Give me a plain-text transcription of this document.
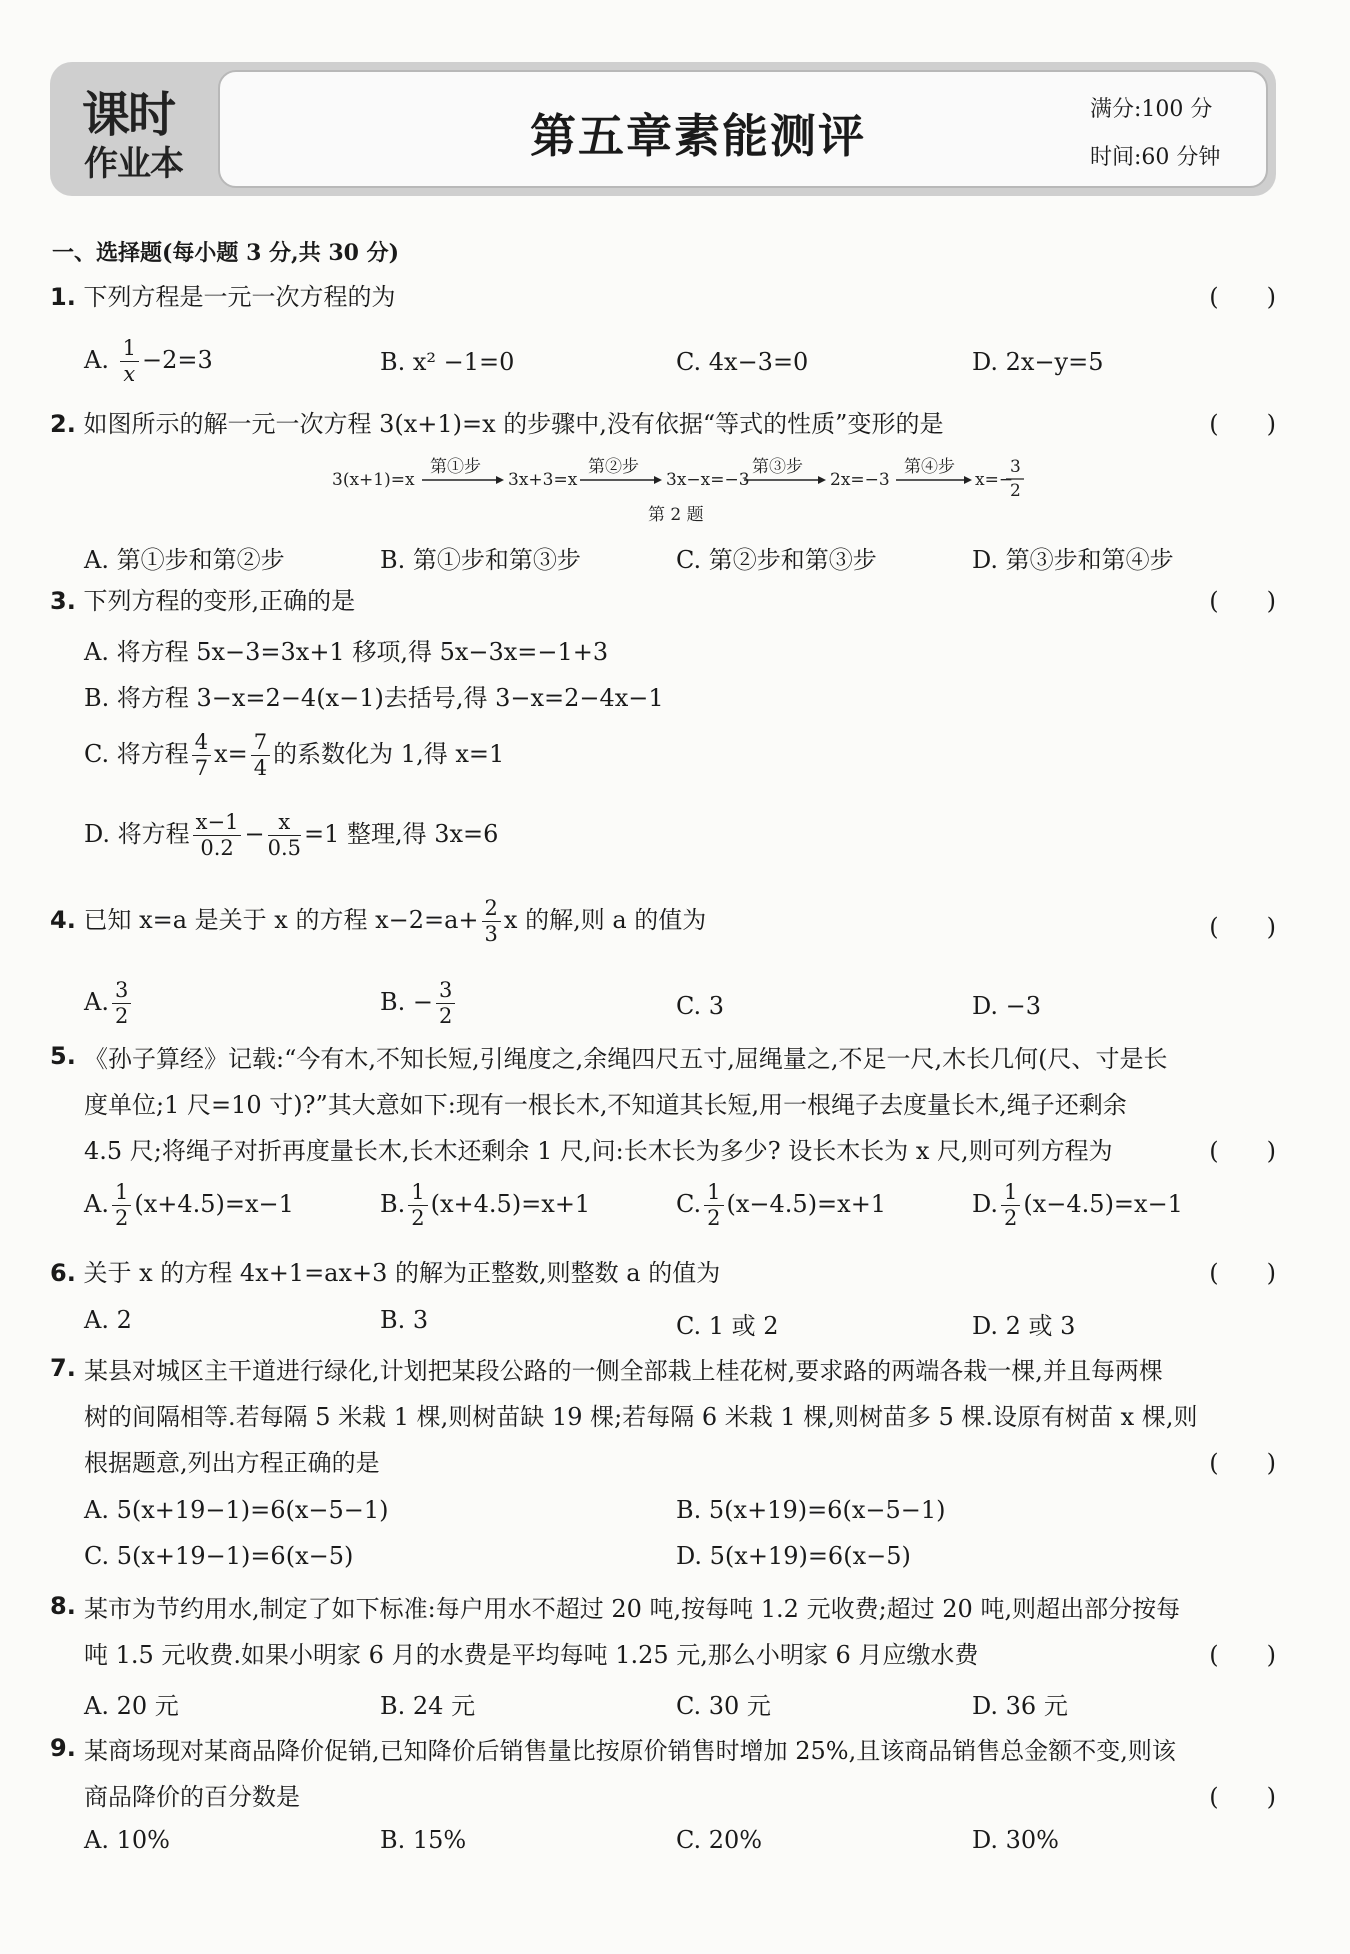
课时
作业本
第五章素能测评	满分:100 分
时间:60 分钟
一、选择题(每小题 3 分,共 30 分)
1. 下列方程是一元一次方程的为	(　　)
A. $\frac{1}{x} -2=3$	B. x² −1=0	C. 4x−3=0	D. 2x−y=5
2. 如图所示的解一元一次方程 3(x+1)=x 的步骤中,没有依据“等式的性质”变形的是	(　　)
3(x+1)=x
第①步
3x+3=x
第②步
3x−x=−3
第③步
2x=−3
第④步
x=−
3
2
第 2 题
A. 第①步和第②步	B. 第①步和第③步	C. 第②步和第③步	D. 第③步和第④步
3. 下列方程的变形,正确的是	(　　)
A. 将方程 5x−3=3x+1 移项,得 5x−3x=−1+3
B. 将方程 3−x=2−4(x−1)去括号,得 3−x=2−4x−1
C. 将方程 $\frac{4}{7} x= \frac{7}{4}$ 的系数化为 1,得 x=1
D. 将方程 $\frac{x-1}{0.2} - \frac{x}{0.5} =1$ 整理,得 3x=6
4. 已知 x=a 是关于 x 的方程 $x-2=a+ \frac{2}{3}$ x 的解,则 a 的值为	(　　)
A. $\frac{3}{2}$	B. − $\frac{3}{2}$	C. 3	D. −3
5. 《孙子算经》记载:“今有木,不知长短,引绳度之,余绳四尺五寸,屈绳量之,不足一尺,木长几何(尺、寸是长
度单位;1 尺=10 寸)?”其大意如下:现有一根长木,不知道其长短,用一根绳子去度量长木,绳子还剩余
4.5 尺;将绳子对折再度量长木,长木还剩余 1 尺,问:长木长为多少? 设长木长为 x 尺,则可列方程为	(　　)
A. $\frac{1}{2} (x+4.5)=x-1$	B. $\frac{1}{2} (x+4.5)=x+1$	C. $\frac{1}{2} (x-4.5)=x+1$	D. $\frac{1}{2} (x-4.5)=x-1$
6. 关于 x 的方程 4x+1=ax+3 的解为正整数,则整数 a 的值为	(　　)
A. 2	B. 3	C. 1 或 2	D. 2 或 3
7. 某县对城区主干道进行绿化,计划把某段公路的一侧全部栽上桂花树,要求路的两端各栽一棵,并且每两棵
树的间隔相等.若每隔 5 米栽 1 棵,则树苗缺 19 棵;若每隔 6 米栽 1 棵,则树苗多 5 棵.设原有树苗 x 棵,则
根据题意,列出方程正确的是	(　　)
A. 5(x+19−1)=6(x−5−1)	B. 5(x+19)=6(x−5−1)
C. 5(x+19−1)=6(x−5)	D. 5(x+19)=6(x−5)
8. 某市为节约用水,制定了如下标准:每户用水不超过 20 吨,按每吨 1.2 元收费;超过 20 吨,则超出部分按每
吨 1.5 元收费.如果小明家 6 月的水费是平均每吨 1.25 元,那么小明家 6 月应缴水费	(　　)
A. 20 元	B. 24 元	C. 30 元	D. 36 元
9. 某商场现对某商品降价促销,已知降价后销售量比按原价销售时增加 25%,且该商品销售总金额不变,则该
商品降价的百分数是	(　　)
A. 10%	B. 15%	C. 20%	D. 30%
